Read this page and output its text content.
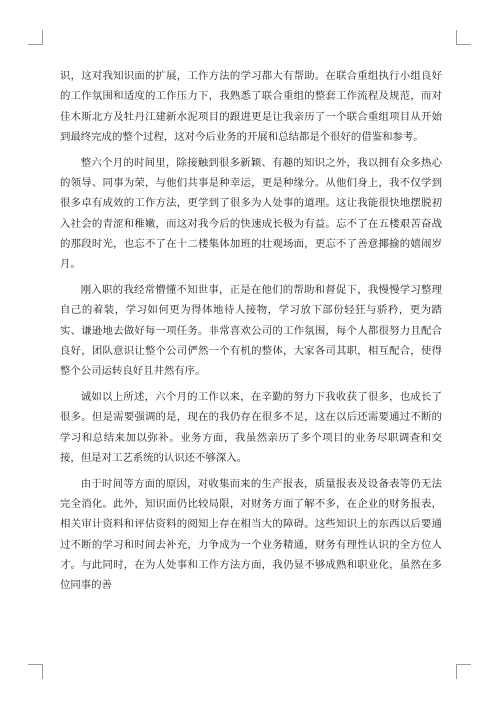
识，这对我知识面的扩展，工作方法的学习都大有帮助。在联合重组执行小组良好的工作氛围和适度的工作压力下，我熟悉了联合重组的整套工作流程及规范，而对佳木斯北方及牡丹江建新水泥项目的跟进更是让我亲历了一个联合重组项目从开始到最终完成的整个过程，这对今后业务的开展和总结都是个很好的借鉴和参考。

整六个月的时间里，除接触到很多新颖、有趣的知识之外，我以拥有众多热心的领导、同事为荣，与他们共事是种幸运，更是种缘分。从他们身上，我不仅学到很多卓有成效的工作方法，更学到了很多为人处事的道理。这让我能很快地摆脱初入社会的青涩和稚嫩，而这对我今后的快速成长极为有益。忘不了在五楼艰苦奋战的那段时光，也忘不了在十二楼集体加班的壮观场面，更忘不了善意揶揄的嬉闹岁月。

刚入职的我经常懵懂不知世事，正是在他们的帮助和督促下，我慢慢学习整理自己的着装，学习如何更为得体地待人接物，学习放下部份轻狂与骄矜，更为踏实、谦逊地去做好每一项任务。非常喜欢公司的工作氛围，每个人都很努力且配合良好，团队意识让整个公司俨然一个有机的整体，大家各司其职，相互配合，使得整个公司运转良好且井然有序。

诚如以上所述，六个月的工作以来，在辛勤的努力下我收获了很多，也成长了很多。但是需要强调的是，现在的我仍存在很多不足，这在以后还需要通过不断的学习和总结来加以弥补。业务方面，我虽然亲历了多个项目的业务尽职调查和交接，但是对工艺系统的认识还不够深入。

由于时间等方面的原因，对收集而来的生产报表，质量报表及设备表等仍无法完全消化。此外，知识面仍比较局限，对财务方面了解不多，在企业的财务报表，相关审计资料和评估资料的阅知上存在相当大的障碍。这些知识上的东西以后要通过不断的学习和时间去补充，力争成为一个业务精通，财务有理性认识的全方位人才。与此同时，在为人处事和工作方法方面，我仍显不够成熟和职业化，虽然在多位同事的善
